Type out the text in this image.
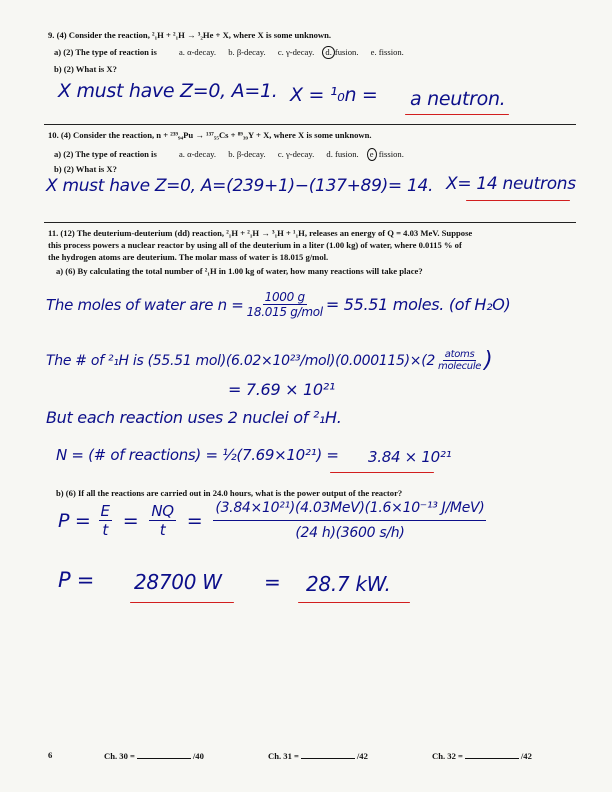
9. (4) Consider the reaction, ²₁H + ²₁H → ³₂He + X, where X is some unknown.
a) (2) The type of reaction is	a. α-decay. b. β-decay. c. γ-decay. d. fusion. e. fission.
b) (2) What is X?
X must have Z=0, A=1. X = ¹₀n = a neutron.
10. (4) Consider the reaction, n + ²³⁹₉₄Pu → ¹³⁷₅₅Cs + ⁸⁹₃₉Y + X, where X is some unknown.
a) (2) The type of reaction is	a. α-decay. b. β-decay. c. γ-decay. d. fusion. e fission.
b) (2) What is X?
X must have Z=0, A=(239+1)−(137+89)= 14. X= 14 neutrons
11. (12) The deuterium-deuterium (dd) reaction, ²₁H + ²₁H → ³₁H + ¹₁H, releases an energy of Q = 4.03 MeV. Suppose
this process powers a nuclear reactor by using all of the deuterium in a liter (1.00 kg) of water, where 0.0115 % of
the hydrogen atoms are deuterium. The molar mass of water is 18.015 g/mol.
a) (6) By calculating the total number of ²₁H in 1.00 kg of water, how many reactions will take place?
The moles of water are $n = \frac{1000 g}{\text{18.015 g/mol}} = 55.51$ moles. (of H₂O)
The # of ²₁H is (55.51 $mol)(6.02\times 10^{23}/mol)(0.000115)\times(2 \frac{\text{atoms}}{\text{molecule}}$ )
= 7.69 × 10²¹
But each reaction uses 2 nuclei of ²₁H.
N = (# of reactions) = ½(7.69×10²¹) = 3.84 × 10²¹
b) (6) If all the reactions are carried out in 24.0 hours, what is the power output of the reactor?
$P = \frac{E}{t} = \frac{NQ}{t} = \frac{\text{(3.84×10²¹)(4.03MeV)(1.6×10⁻¹³ J/MeV)}}{(24 h)(3600 s/h)}$
P = 28700 W = 28.7 kW.
6	Ch. 30 =	/40	Ch. 31 =	/42	Ch. 32 =	/42
